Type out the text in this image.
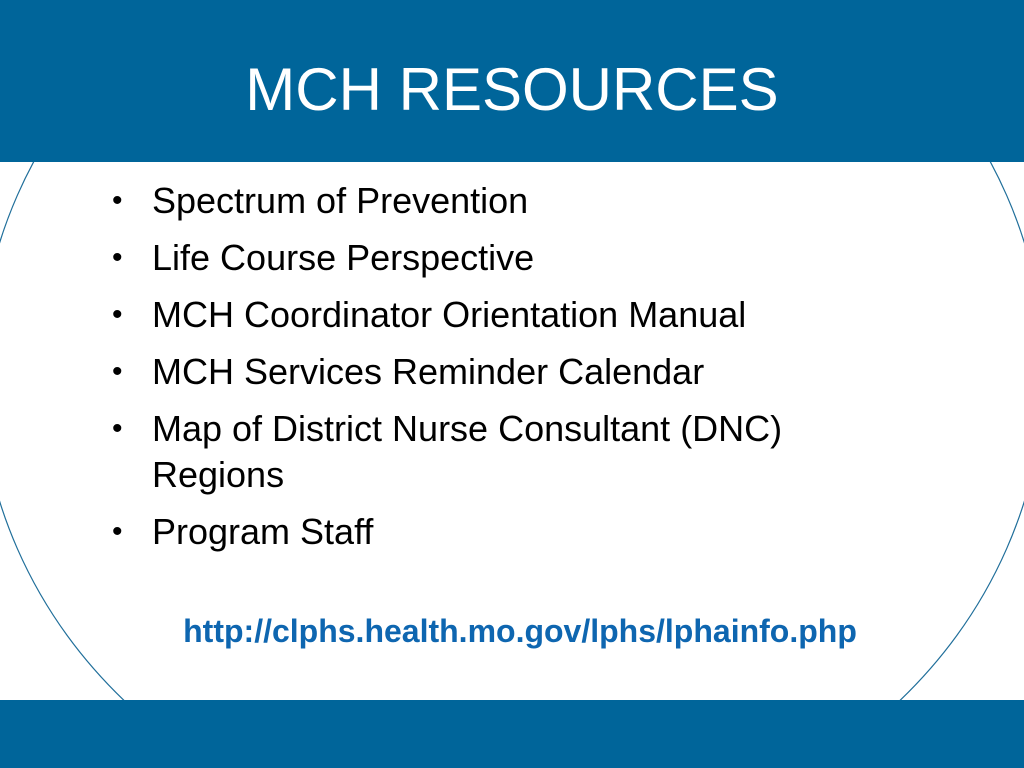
MCH RESOURCES
• Spectrum of Prevention
• Life Course Perspective
• MCH Coordinator Orientation Manual
• MCH Services Reminder Calendar
• Map of District Nurse Consultant (DNC) Regions
• Program Staff
http://clphs.health.mo.gov/lphs/lphainfo.php
